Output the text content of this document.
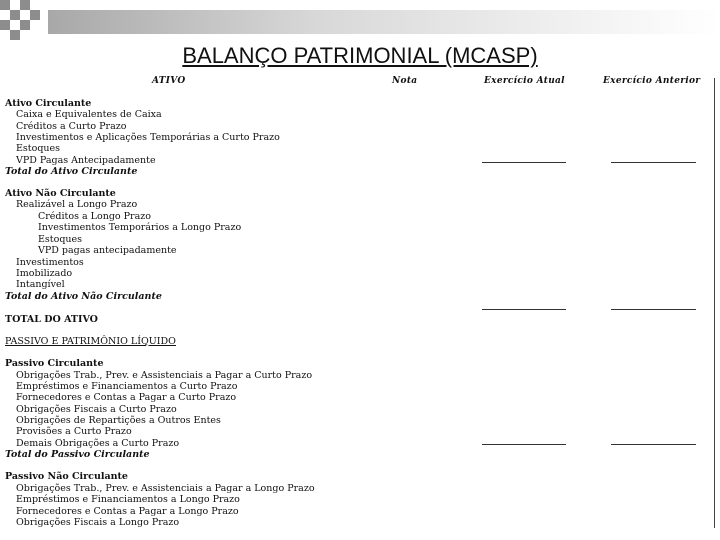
BALANÇO PATRIMONIAL (MCASP)
ATIVO	Nota	Exercício Atual	Exercício Anterior
Ativo Circulante
Caixa e Equivalentes de Caixa
Créditos a Curto Prazo
Investimentos e Aplicações Temporárias a Curto Prazo
Estoques
VPD Pagas Antecipadamente
Total do Ativo Circulante
Ativo Não Circulante
Realizável a Longo Prazo
Créditos a Longo Prazo
Investimentos Temporários a Longo Prazo
Estoques
VPD pagas antecipadamente
Investimentos
Imobilizado
Intangível
Total do Ativo Não Circulante
TOTAL DO ATIVO
PASSIVO E PATRIMÔNIO LÍQUIDO
Passivo Circulante
Obrigações Trab., Prev. e Assistenciais a Pagar a Curto Prazo
Empréstimos e Financiamentos a Curto Prazo
Fornecedores e Contas a Pagar a Curto Prazo
Obrigações Fiscais a Curto Prazo
Obrigações de Repartições a Outros Entes
Provisões a Curto Prazo
Demais Obrigações a Curto Prazo
Total do Passivo Circulante
Passivo Não Circulante
Obrigações Trab., Prev. e Assistenciais a Pagar a Longo Prazo
Empréstimos e Financiamentos a Longo Prazo
Fornecedores e Contas a Pagar a Longo Prazo
Obrigações Fiscais a Longo Prazo
